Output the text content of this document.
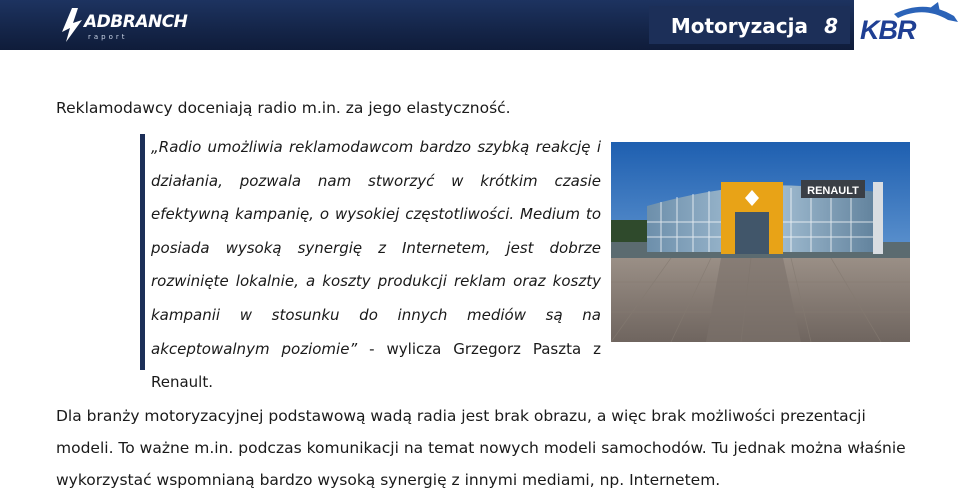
ADBRANCH
raport	Motoryzacja 8 KBR
Reklamodawcy doceniają radio m.in. za jego elastyczność.
„Radio umożliwia reklamodawcom bardzo szybką reakcję i działania, pozwala nam stworzyć w krótkim czasie efektywną kampanię, o wysokiej częstotliwości. Medium to posiada wysoką synergię z Internetem, jest dobrze rozwinięte lokalnie, a koszty produkcji reklam oraz koszty kampanii w stosunku do innych mediów są na akceptowalnym poziomie” - wylicza Grzegorz Paszta z Renault.
RENAULT
Dla branży motoryzacyjnej podstawową wadą radia jest brak obrazu, a więc brak możliwości prezentacji modeli. To ważne m.in. podczas komunikacji na temat nowych modeli samochodów. Tu jednak można właśnie wykorzystać wspomnianą bardzo wysoką synergię z innymi mediami, np. Internetem.
